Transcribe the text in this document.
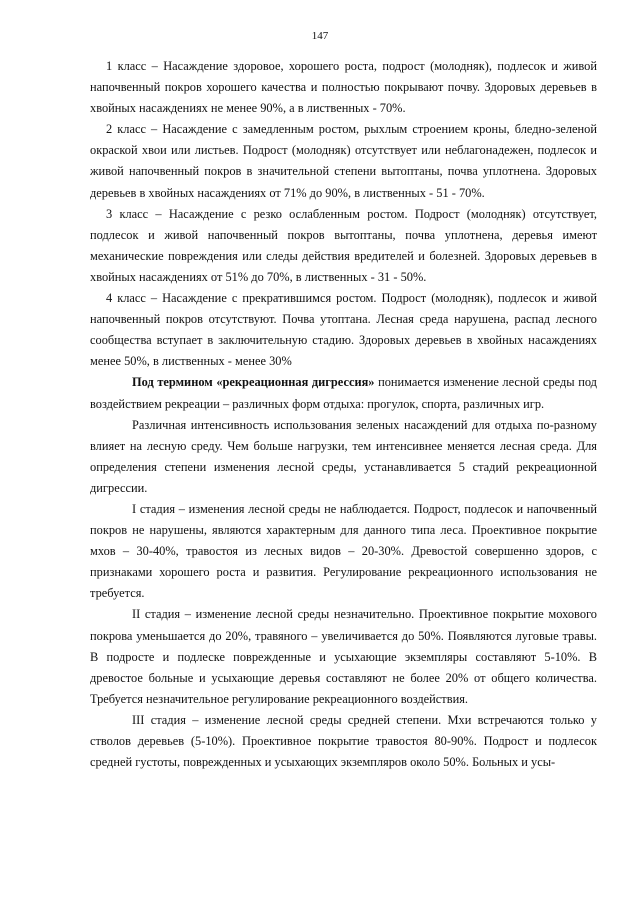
147

1 класс – Насаждение здоровое, хорошего роста, подрост (молодняк), подлесок и живой напочвенный покров хорошего качества и полностью покрывают почву. Здоровых деревьев в хвойных насаждениях не менее 90%, а в лиственных - 70%.

2 класс – Насаждение с замедленным ростом, рыхлым строением кроны, бледно-зеленой окраской хвои или листьев. Подрост (молодняк) отсутствует или неблагонадежен, подлесок и живой напочвенный покров в значительной степени вытоптаны, почва уплотнена. Здоровых деревьев в хвойных насаждениях от 71% до 90%, в лиственных - 51 - 70%.

3 класс – Насаждение с резко ослабленным ростом. Подрост (молодняк) отсутствует, подлесок и живой напочвенный покров вытоптаны, почва уплотнена, деревья имеют механические повреждения или следы действия вредителей и болезней. Здоровых деревьев в хвойных насаждениях от 51% до 70%, в лиственных - 31 - 50%.

4 класс – Насаждение с прекратившимся ростом. Подрост (молодняк), подлесок и живой напочвенный покров отсутствуют. Почва утоптана. Лесная среда нарушена, распад лесного сообщества вступает в заключительную стадию. Здоровых деревьев в хвойных насаждениях менее 50%, в лиственных - менее 30%

Под термином «рекреационная дигрессия» понимается изменение лесной среды под воздействием рекреации – различных форм отдыха: прогулок, спорта, различных игр.

Различная интенсивность использования зеленых насаждений для отдыха по-разному влияет на лесную среду. Чем больше нагрузки, тем интенсивнее меняется лесная среда. Для определения степени изменения лесной среды, устанавливается 5 стадий рекреационной дигрессии.

I стадия – изменения лесной среды не наблюдается. Подрост, подлесок и напочвенный покров не нарушены, являются характерным для данного типа леса. Проективное покрытие мхов – 30-40%, травостоя из лесных видов – 20-30%. Древостой совершенно здоров, с признаками хорошего роста и развития. Регулирование рекреационного использования не требуется.

II стадия – изменение лесной среды незначительно. Проективное покрытие мохового покрова уменьшается до 20%, травяного – увеличивается до 50%. Появляются луговые травы. В подросте и подлеске поврежденные и усыхающие экземпляры составляют 5-10%. В древостое больные и усыхающие деревья составляют не более 20% от общего количества. Требуется незначительное регулирование рекреационного воздействия.

III стадия – изменение лесной среды средней степени. Мхи встречаются только у стволов деревьев (5-10%). Проективное покрытие травостоя 80-90%. Подрост и подлесок средней густоты, поврежденных и усыхающих экземпляров около 50%. Больных и усы-
